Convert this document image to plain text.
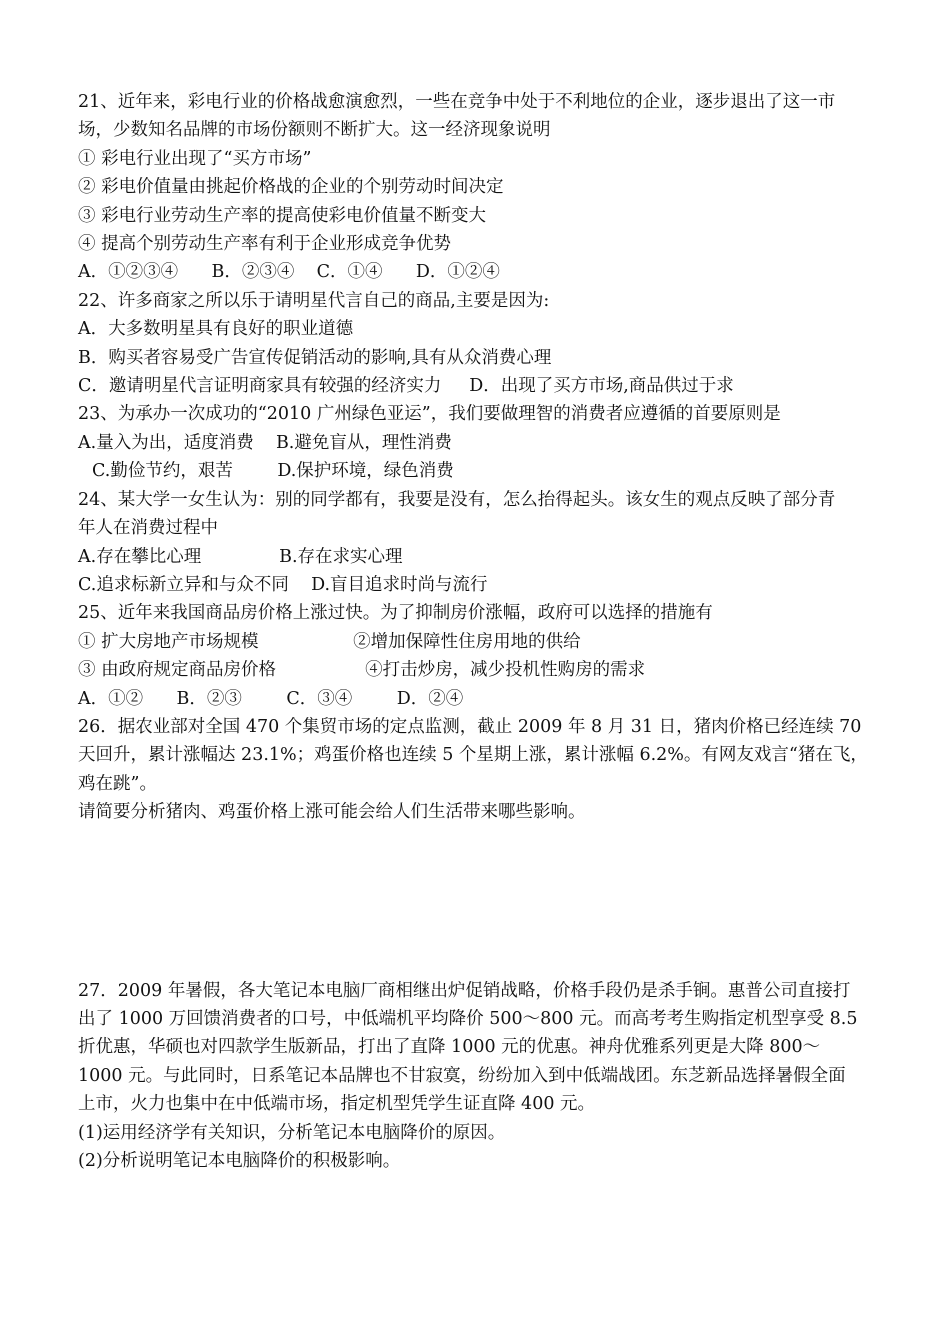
21、近年来，彩电行业的价格战愈演愈烈，一些在竞争中处于不利地位的企业，逐步退出了这一市
场，少数知名品牌的市场份额则不断扩大。这一经济现象说明
① 彩电行业出现了“买方市场”
② 彩电价值量由挑起价格战的企业的个别劳动时间决定
③ 彩电行业劳动生产率的提高使彩电价值量不断变大
④ 提高个别劳动生产率有利于企业形成竞争优势
A．①②③④      B．②③④    C．①④      D．①②④
22、许多商家之所以乐于请明星代言自己的商品,主要是因为:
A．大多数明星具有良好的职业道德
B．购买者容易受广告宣传促销活动的影响,具有从众消费心理
C．邀请明星代言证明商家具有较强的经济实力     D．出现了买方市场,商品供过于求
23、为承办一次成功的“2010 广州绿色亚运”，我们要做理智的消费者应遵循的首要原则是
A.量入为出，适度消费    B.避免盲从，理性消费
C.勤俭节约，艰苦        D.保护环境，绿色消费
24、某大学一女生认为：别的同学都有，我要是没有，怎么抬得起头。该女生的观点反映了部分青
年人在消费过程中
A.存在攀比心理              B.存在求实心理
C.追求标新立异和与众不同    D.盲目追求时尚与流行
25、近年来我国商品房价格上涨过快。为了抑制房价涨幅，政府可以选择的措施有
① 扩大房地产市场规模                 ②增加保障性住房用地的供给
③ 由政府规定商品房价格                ④打击炒房，减少投机性购房的需求
A．①②      B．②③        C．③④        D．②④
26．据农业部对全国 470 个集贸市场的定点监测，截止 2009 年 8 月 31 日，猪肉价格已经连续 70
天回升，累计涨幅达 23.1%；鸡蛋价格也连续 5 个星期上涨，累计涨幅 6.2%。有网友戏言“猪在飞，
鸡在跳”。
请简要分析猪肉、鸡蛋价格上涨可能会给人们生活带来哪些影响。
27．2009 年暑假，各大笔记本电脑厂商相继出炉促销战略，价格手段仍是杀手锏。惠普公司直接打
出了 1000 万回馈消费者的口号，中低端机平均降价 500～800 元。而高考考生购指定机型享受 8.5
折优惠，华硕也对四款学生版新品，打出了直降 1000 元的优惠。神舟优雅系列更是大降 800～
1000 元。与此同时，日系笔记本品牌也不甘寂寞，纷纷加入到中低端战团。东芝新品选择暑假全面
上市，火力也集中在中低端市场，指定机型凭学生证直降 400 元。
(1)运用经济学有关知识，分析笔记本电脑降价的原因。
(2)分析说明笔记本电脑降价的积极影响。
